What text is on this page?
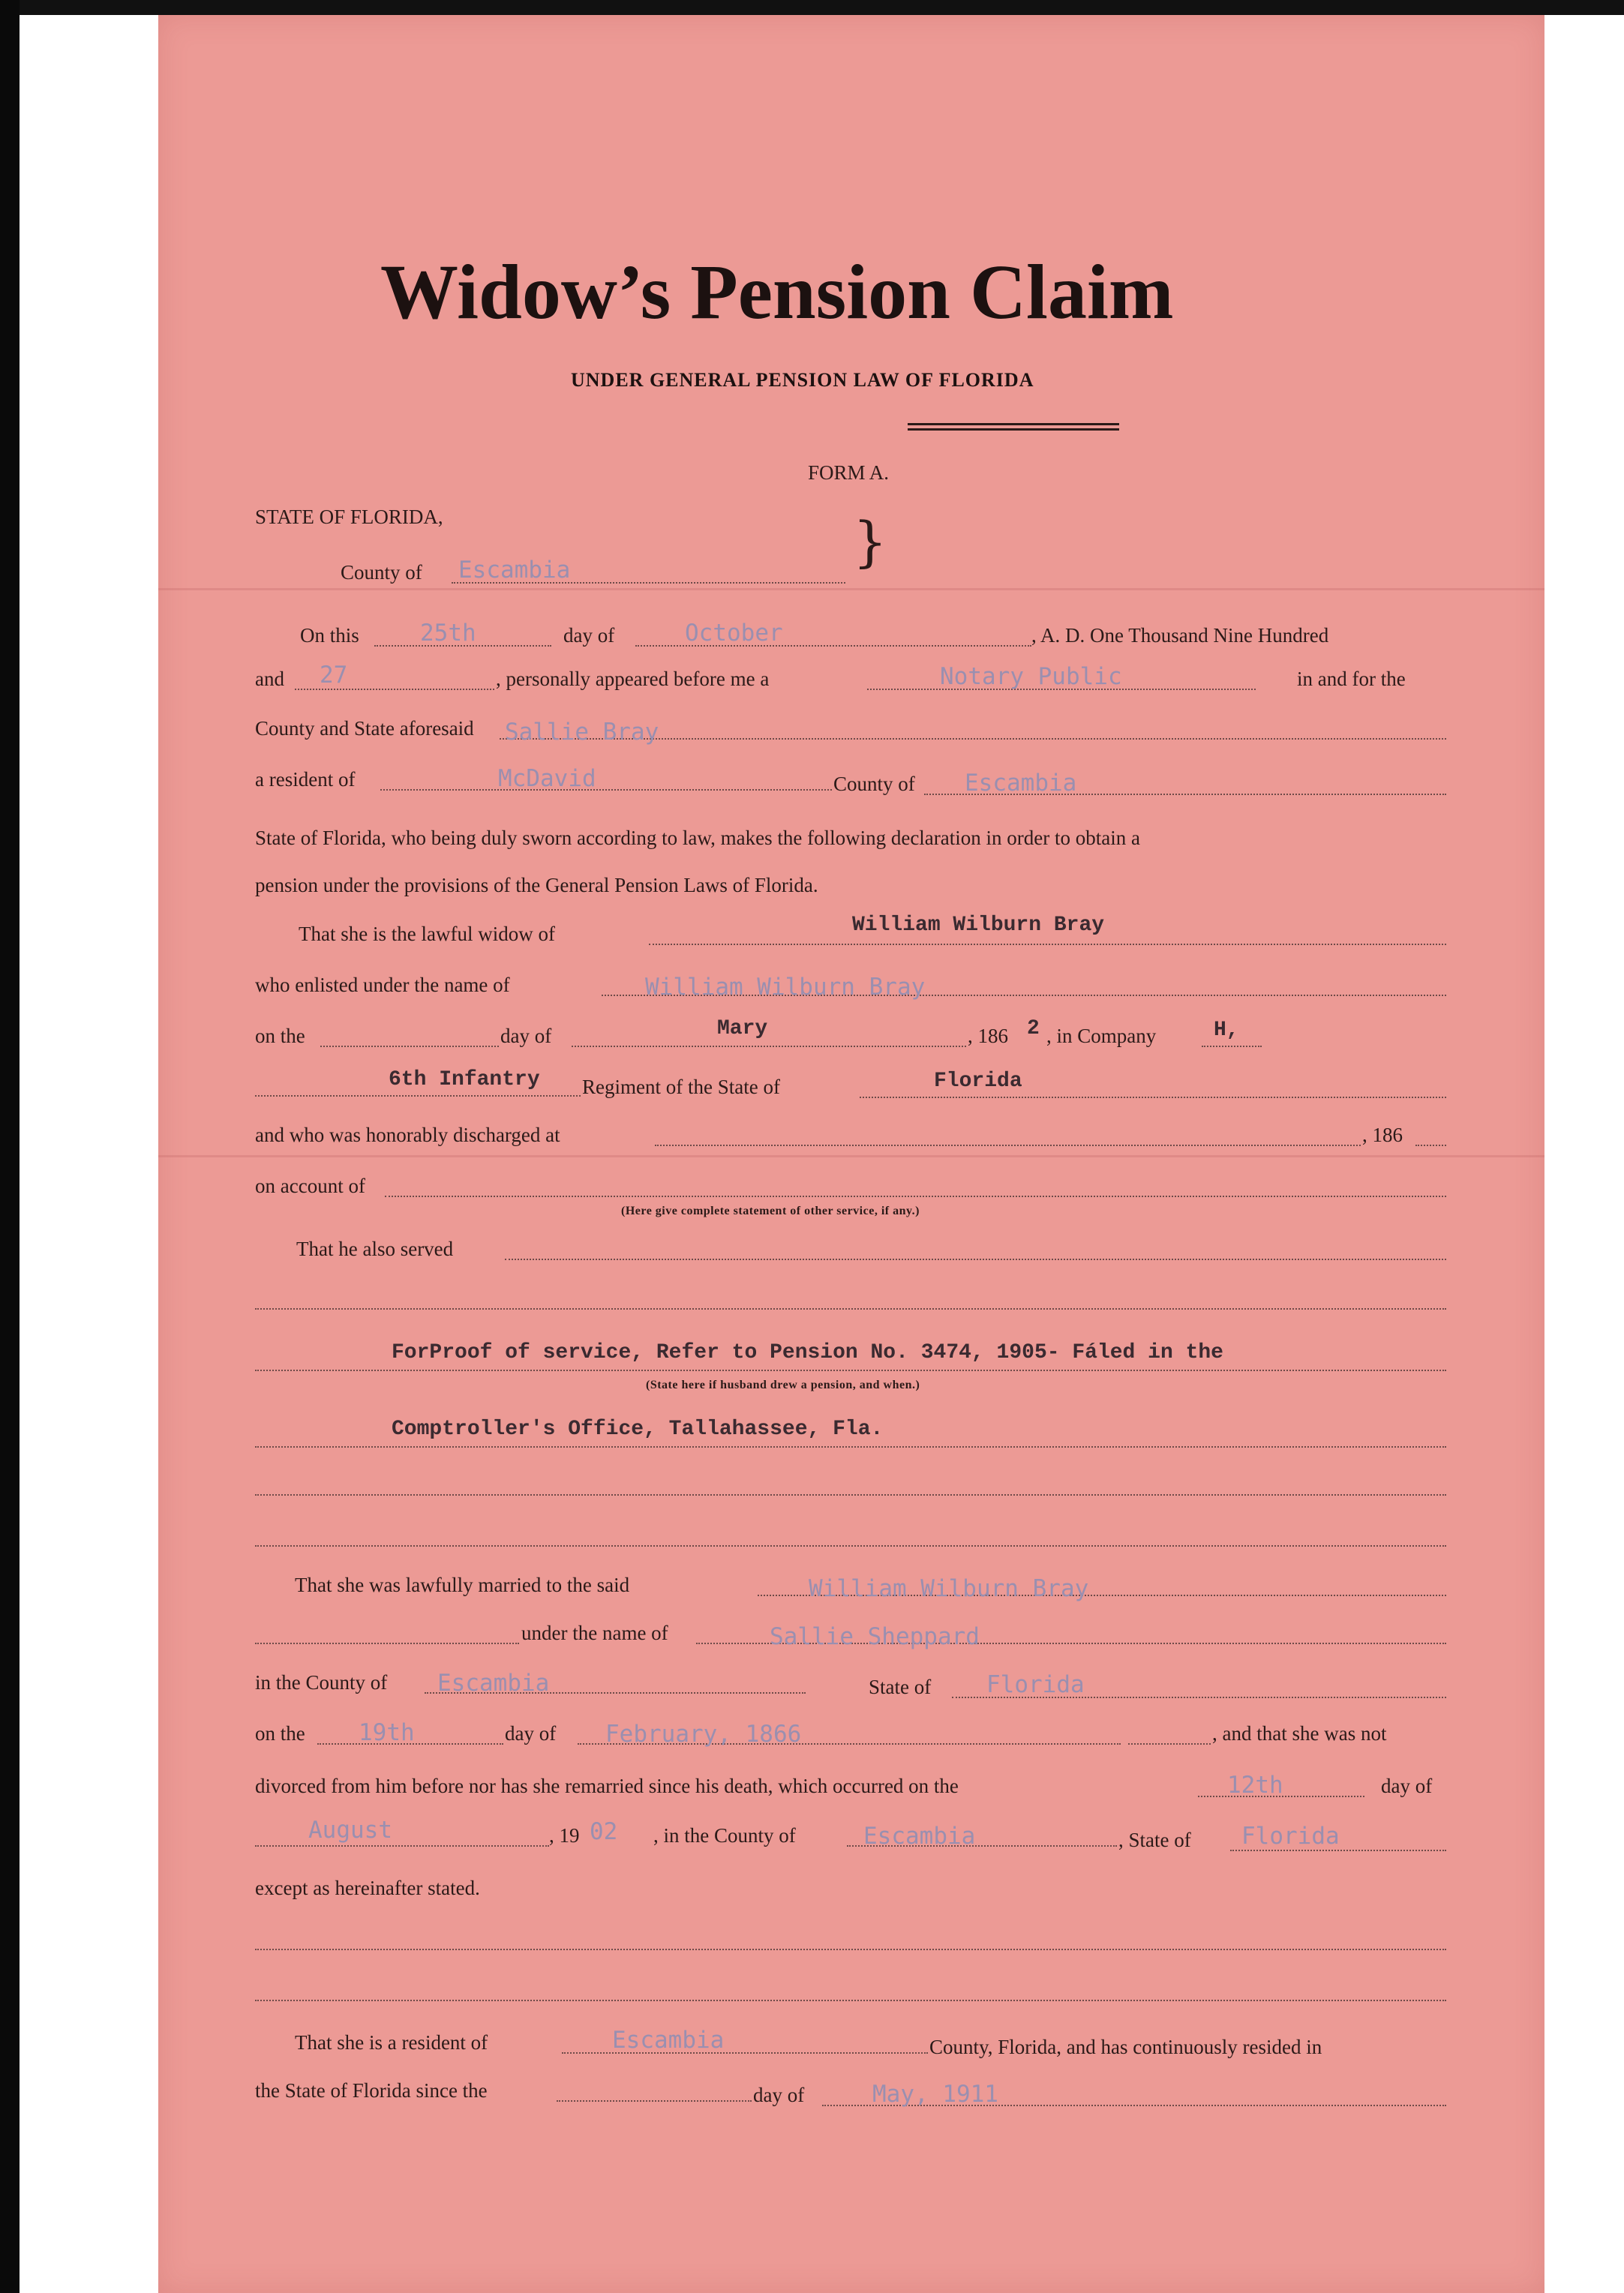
Widow’s Pension Claim
UNDER GENERAL PENSION LAW OF FLORIDA
FORM A.
STATE OF FLORIDA,
County of Escambia	}
On this	25th	day of	October	, A. D. One Thousand Nine Hundred
and 27	, personally appeared before me a	Notary Public	in and for the
County and State aforesaid Sallie Bray
a resident of	McDavid	County of Escambia
State of Florida, who being duly sworn according to law, makes the following declaration in order to obtain a
pension under the provisions of the General Pension Laws of Florida.
That she is the lawful widow of	William Wilburn Bray
who enlisted under the name of	William Wilburn Bray
on the	day of	Mary	, 186 2 , in Company	H,
6th Infantry Regiment of the State of	Florida
and who was honorably discharged at	, 186
on account of
(Here give complete statement of other service, if any.)
That he also served
ForProof of service, Refer to Pension No. 3474, 1905- Fáled in the
(State here if husband drew a pension, and when.)
Comptroller's Office, Tallahassee, Fla.
That she was lawfully married to the said	William Wilburn Bray
under the name of	Sallie Sheppard
in the County of Escambia	State of Florida
on the 19th	day of February, 1866	, and that she was not
divorced from him before nor has she remarried since his death, which occurred on the	12th	day of
August	, 19 02 , in the County of	Escambia	, State of Florida
except as hereinafter stated.
That she is a resident of	Escambia	County, Florida, and has continuously resided in
the State of Florida since the	day of	May, 1911
